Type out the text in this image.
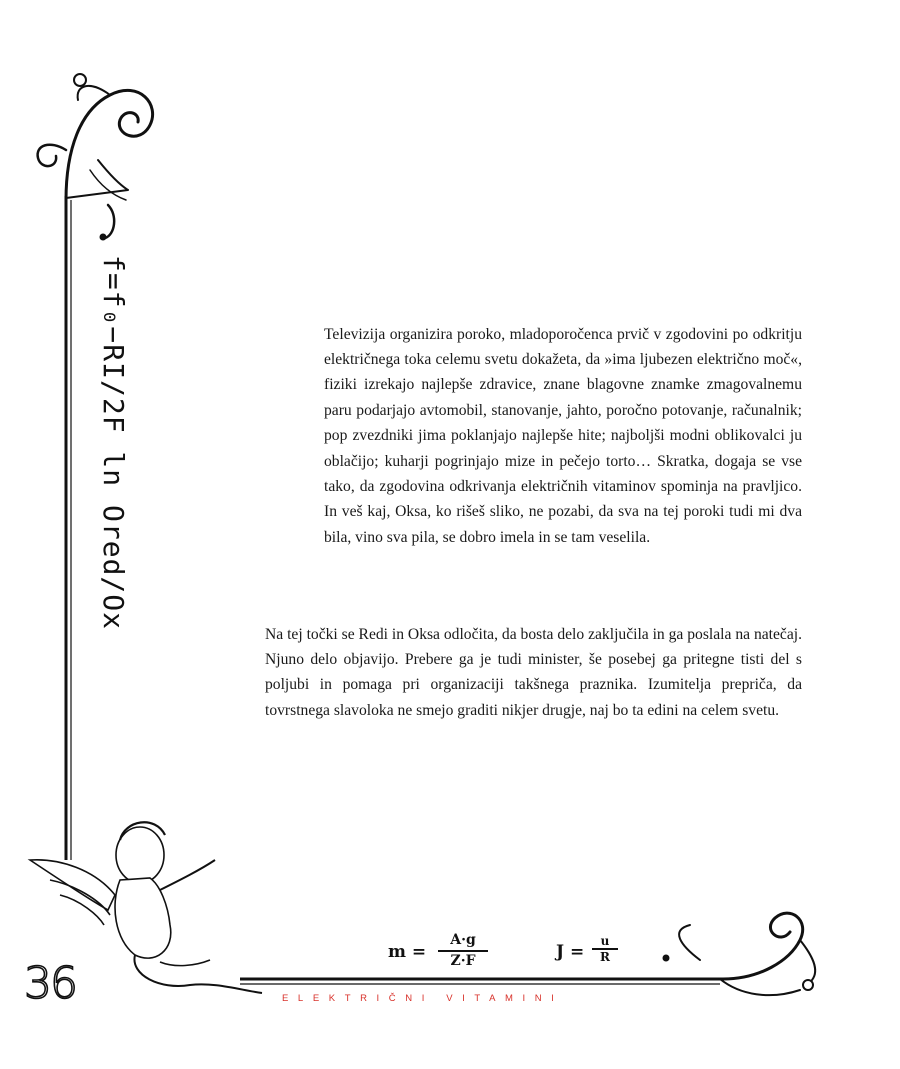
f=f₀−RI/2F ln Ored/Ox	Televizija organizira poroko, mladoporočenca prvič v zgodovini po odkritju električnega toka celemu svetu dokažeta, da »ima ljubezen električno moč«, fiziki izrekajo najlepše zdravice, znane blagovne znamke zmagovalnemu paru podarjajo avtomobil, stanovanje, jahto, poročno potovanje, računalnik; pop zvezdniki jima poklanjajo najlepše hite; najboljši modni oblikovalci ju oblačijo; kuharji pogrinjajo mize in pečejo torto… Skratka, dogaja se vse tako, da zgodovina odkrivanja električnih vitaminov spominja na pravljico. In veš kaj, Oksa, ko rišeš sliko, ne pozabi, da sva na tej poroki tudi mi dva bila, vino sva pila, se dobro imela in se tam veselila.

Na tej točki se Redi in Oksa odločita, da bosta delo zaključila in ga poslala na natečaj. Njuno delo objavijo. Prebere ga je tudi minister, še posebej ga pritegne tisti del s poljubi in pomaga pri organizaciji takšnega praznika. Izumitelja prepriča, da tovrstnega slavoloka ne smejo graditi nikjer drugje, naj bo ta edini na celem svetu.

$m = \frac{A\cdot g}{Z\cdot F}$	$J = \frac{u}{R}$
36	ELEKTRIČNI VITAMINI
